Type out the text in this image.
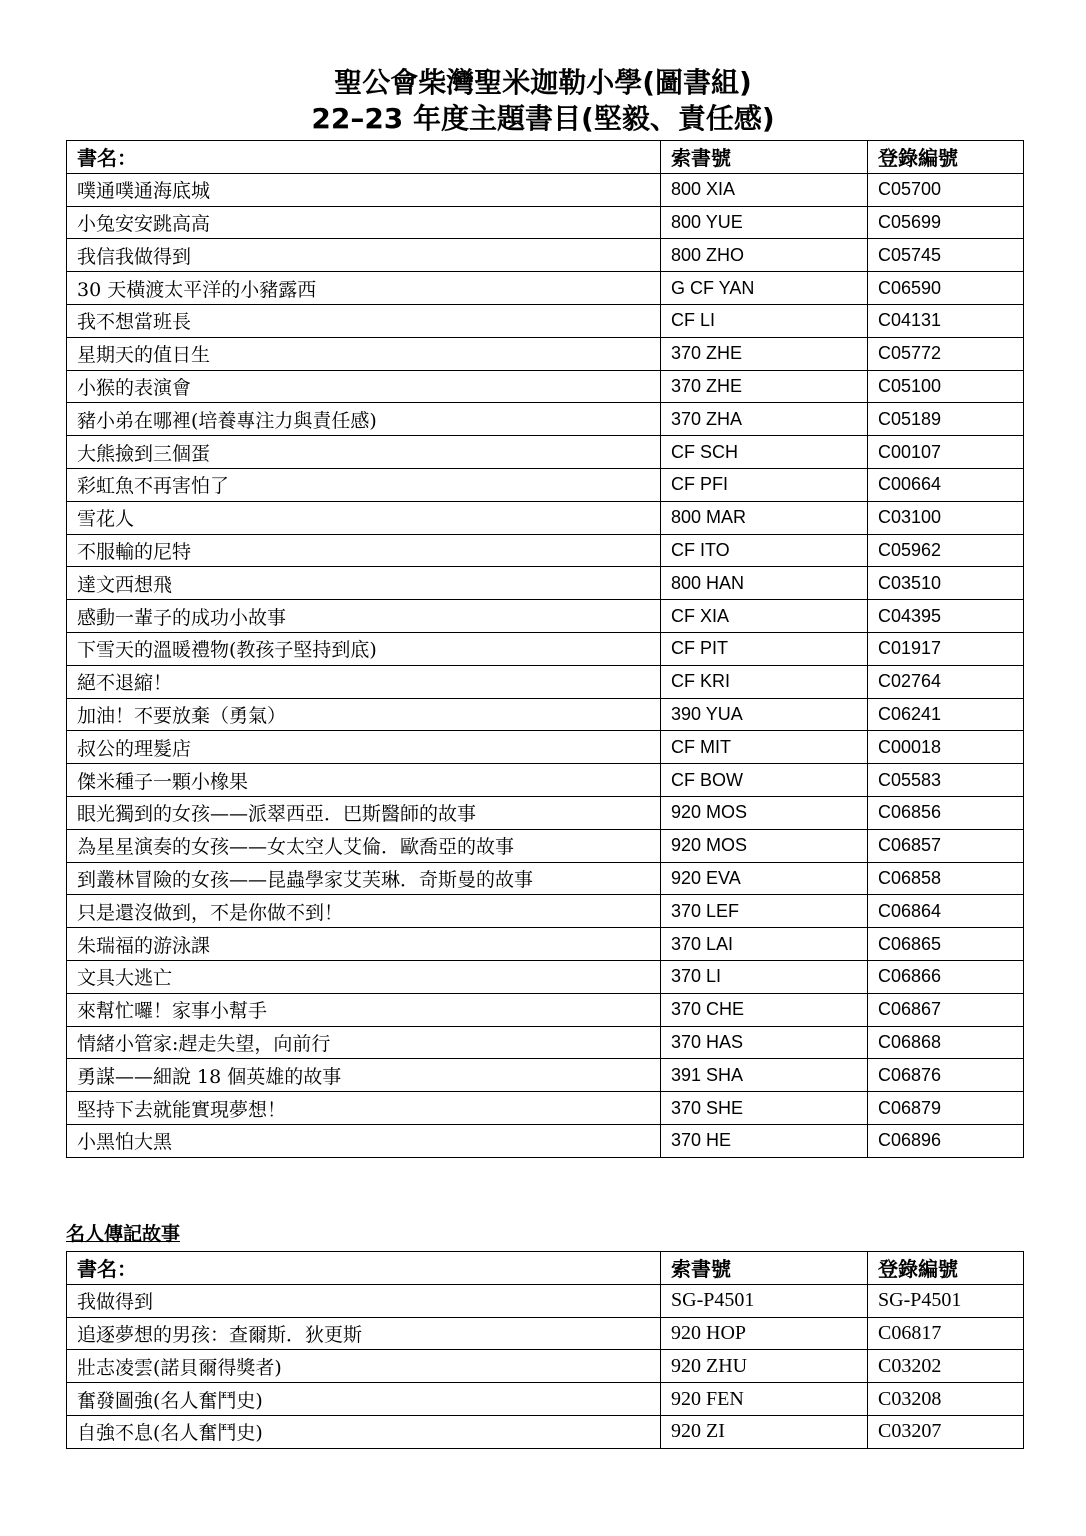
聖公會柴灣聖米迦勒小學(圖書組)
22–23 年度主題書目(堅毅、責任感)
書名：	索書號	登錄編號
噗通噗通海底城	800 XIA	C05700
小兔安安跳高高	800 YUE	C05699
我信我做得到	800 ZHO	C05745
30 天橫渡太平洋的小豬露西	G CF YAN	C06590
我不想當班長	CF LI	C04131
星期天的值日生	370 ZHE	C05772
小猴的表演會	370 ZHE	C05100
豬小弟在哪裡(培養專注力與責任感)	370 ZHA	C05189
大熊撿到三個蛋	CF SCH	C00107
彩虹魚不再害怕了	CF PFI	C00664
雪花人	800 MAR	C03100
不服輸的尼特	CF ITO	C05962
達文西想飛	800 HAN	C03510
感動一輩子的成功小故事	CF XIA	C04395
下雪天的溫暖禮物(教孩子堅持到底)	CF PIT	C01917
絕不退縮！	CF KRI	C02764
加油！不要放棄（勇氣）	390 YUA	C06241
叔公的理髮店	CF MIT	C00018
傑米種子一顆小橡果	CF BOW	C05583
眼光獨到的女孩——派翠西亞．巴斯醫師的故事	920 MOS	C06856
為星星演奏的女孩——女太空人艾倫．歐喬亞的故事	920 MOS	C06857
到叢林冒險的女孩——昆蟲學家艾芙琳．奇斯曼的故事	920 EVA	C06858
只是還沒做到，不是你做不到！	370 LEF	C06864
朱瑞福的游泳課	370 LAI	C06865
文具大逃亡	370 LI	C06866
來幫忙囉！家事小幫手	370 CHE	C06867
情緒小管家:趕走失望，向前行	370 HAS	C06868
勇謀——細說 18 個英雄的故事	391 SHA	C06876
堅持下去就能實現夢想！	370 SHE	C06879
小黑怕大黑	370 HE	C06896
名人傳記故事
書名：	索書號	登錄編號
我做得到	SG-P4501	SG-P4501
追逐夢想的男孩：查爾斯．狄更斯	920 HOP	C06817
壯志凌雲(諾貝爾得獎者)	920 ZHU	C03202
奮發圖強(名人奮鬥史)	920 FEN	C03208
自強不息(名人奮鬥史)	920 ZI	C03207
